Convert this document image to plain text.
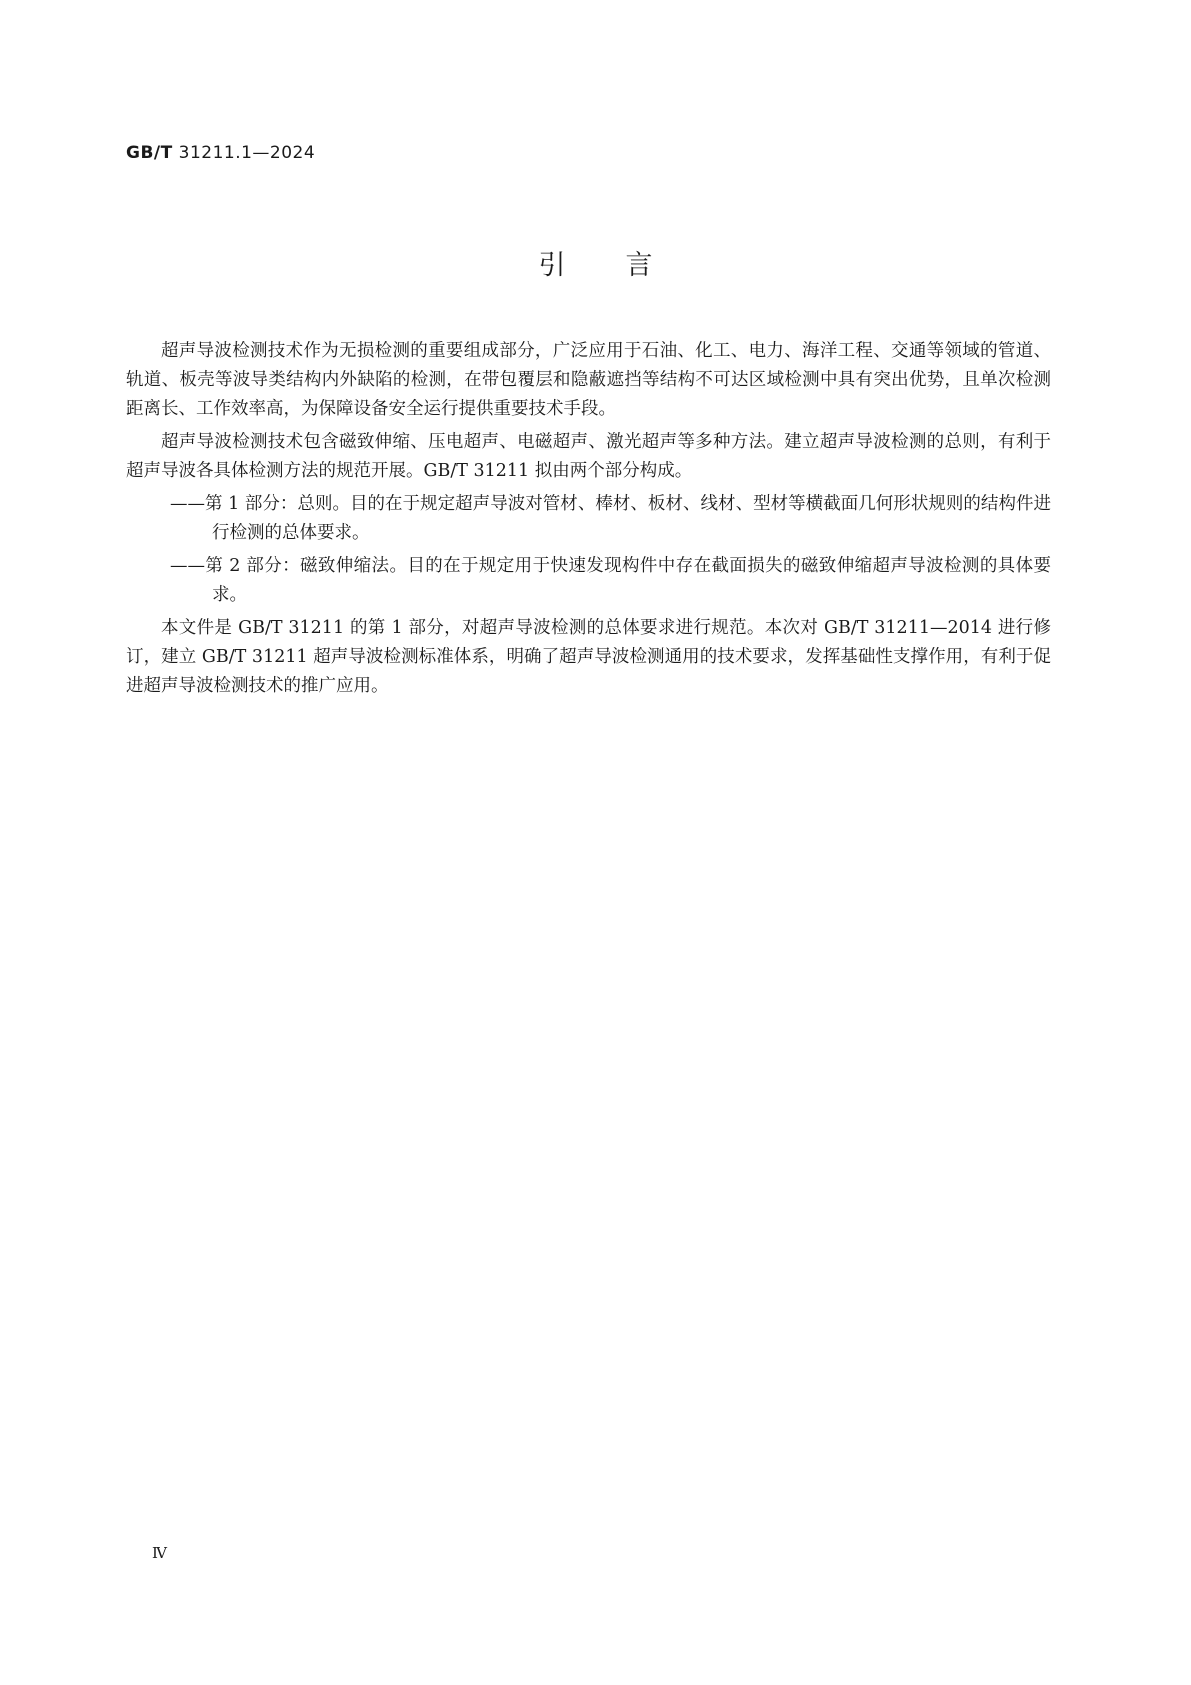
GB/T 31211.1—2024
引言

超声导波检测技术作为无损检测的重要组成部分，广泛应用于石油、化工、电力、海洋工程、交通等领域的管道、轨道、板壳等波导类结构内外缺陷的检测，在带包覆层和隐蔽遮挡等结构不可达区域检测中具有突出优势，且单次检测距离长、工作效率高，为保障设备安全运行提供重要技术手段。

超声导波检测技术包含磁致伸缩、压电超声、电磁超声、激光超声等多种方法。建立超声导波检测的总则，有利于超声导波各具体检测方法的规范开展。GB/T 31211 拟由两个部分构成。

——第 1 部分：总则。目的在于规定超声导波对管材、棒材、板材、线材、型材等横截面几何形状规则的结构件进行检测的总体要求。

——第 2 部分：磁致伸缩法。目的在于规定用于快速发现构件中存在截面损失的磁致伸缩超声导波检测的具体要求。

本文件是 GB/T 31211 的第 1 部分，对超声导波检测的总体要求进行规范。本次对 GB/T 31211—2014 进行修订，建立 GB/T 31211 超声导波检测标准体系，明确了超声导波检测通用的技术要求，发挥基础性支撑作用，有利于促进超声导波检测技术的推广应用。

Ⅳ
